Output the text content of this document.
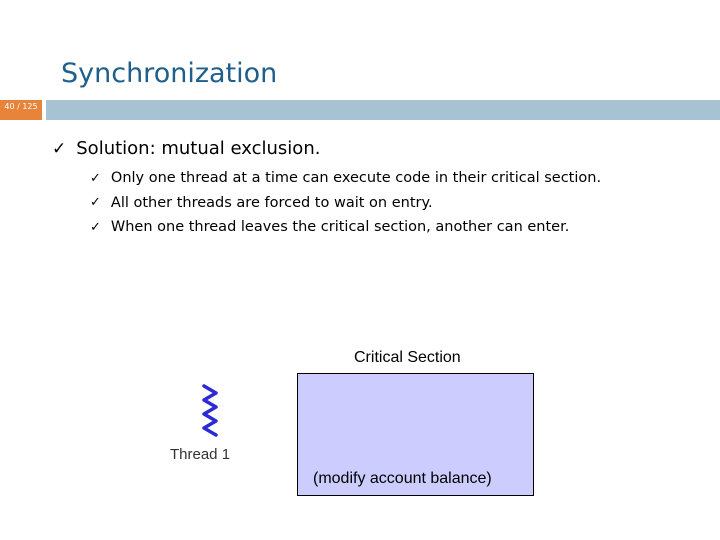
Synchronization
40 / 125
✓ Solution: mutual exclusion.
✓ Only one thread at a time can execute code in their critical section.
✓ All other threads are forced to wait on entry.
✓ When one thread leaves the critical section, another can enter.
Critical Section
(modify account balance)
Thread 1
